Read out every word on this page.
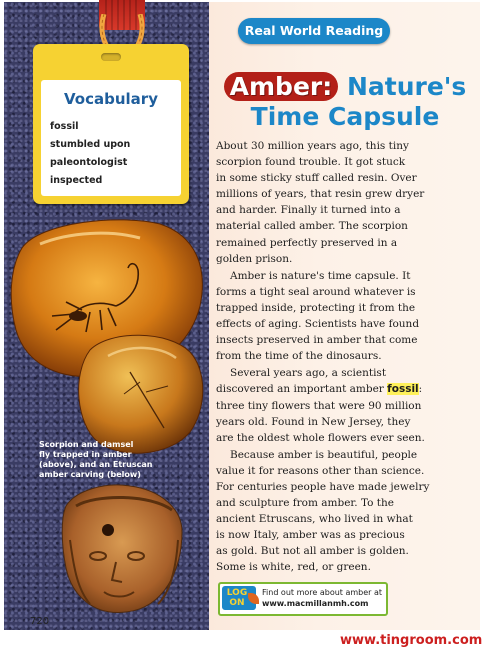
Vocabulary
fossil
stumbled upon
paleontologist
inspected
Real World Reading
Amber: Nature's
Time Capsule

About 30 million years ago, this tiny
scorpion found trouble. It got stuck
in some sticky stuff called resin. Over
millions of years, that resin grew dryer
and harder. Finally it turned into a
material called amber. The scorpion
remained perfectly preserved in a
golden prison.

Amber is nature's time capsule. It
forms a tight seal around whatever is
trapped inside, protecting it from the
effects of aging. Scientists have found
insects preserved in amber that come
from the time of the dinosaurs.

Several years ago, a scientist
discovered an important amber fossil:
three tiny flowers that were 90 million
years old. Found in New Jersey, they
are the oldest whole flowers ever seen.

Because amber is beautiful, people
value it for reasons other than science.
For centuries people have made jewelry
and sculpture from amber. To the
ancient Etruscans, who lived in what
is now Italy, amber was as precious
as gold. But not all amber is golden.
Some is white, red, or green.

Scorpion and damsel
fly trapped in amber
(above), and an Etruscan
amber carving (below)
LOG
ON
Find out more about amber at
www.macmillanmh.com
720
www.tingroom.com
